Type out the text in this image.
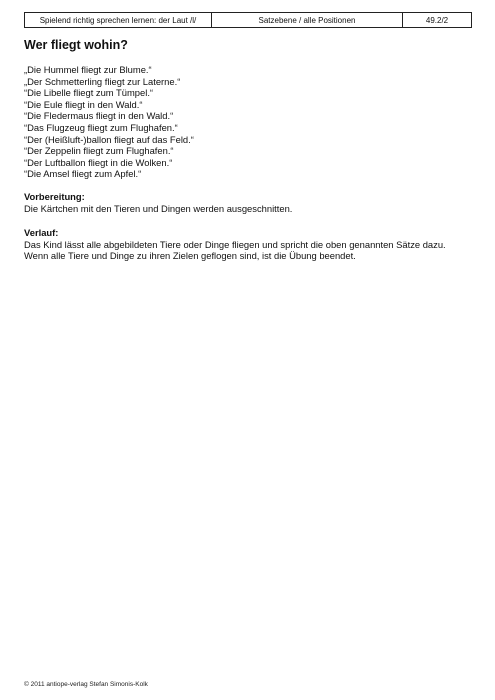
Spielend richtig sprechen lernen: der Laut /l/	Satzebene / alle Positionen	49.2/2
Wer fliegt wohin?
„Die Hummel fliegt zur Blume.“
„Der Schmetterling fliegt zur Laterne.“
“Die Libelle fliegt zum Tümpel.“
“Die Eule fliegt in den Wald.“
“Die Fledermaus fliegt in den Wald.“
“Das Flugzeug fliegt zum Flughafen.“
“Der (Heißluft-)ballon fliegt auf das Feld.“
“Der Zeppelin fliegt zum Flughafen.“
“Der Luftballon fliegt in die Wolken.“
“Die Amsel fliegt zum Apfel.“
Vorbereitung:
Die Kärtchen mit den Tieren und Dingen werden ausgeschnitten.
Verlauf:
Das Kind lässt alle abgebildeten Tiere oder Dinge fliegen und spricht die oben genannten Sätze dazu.
Wenn alle Tiere und Dinge zu ihren Zielen geflogen sind, ist die Übung beendet.
© 2011 antiope-verlag Stefan Simonis-Kolk
